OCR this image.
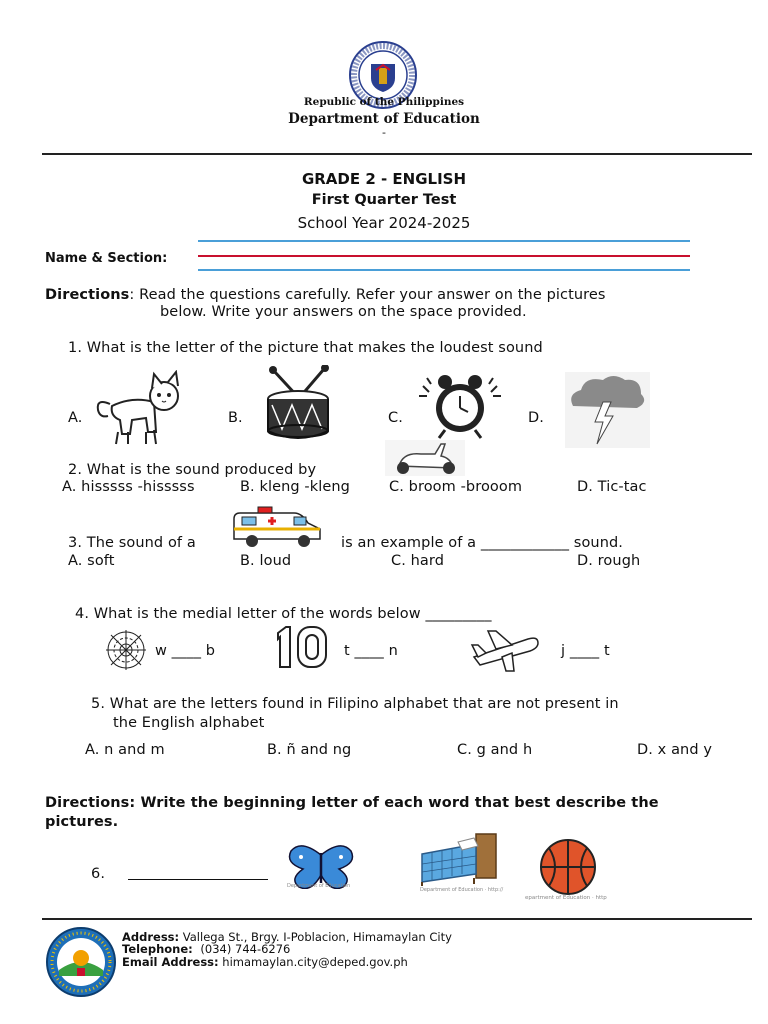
Republic of the Philippines
Department of Education
-
GRADE 2 - ENGLISH
First Quarter Test
School Year 2024-2025
Name & Section:
Directions: Read the questions carefully. Refer your answer on the pictures
below. Write your answers on the space provided.
1. What is the letter of the picture that makes the loudest sound
A.	B.	C.	D.
2. What is the sound produced by
A. hisssss -hisssss	B. kleng -kleng	C. broom -brooom	D. Tic-tac
3. The sound of a	is an example of a ____________ sound.
A. soft	B. loud	C. hard	D. rough
4. What is the medial letter of the words below _________
w ____ b	t ____ n	j ____ t
5. What are the letters found in Filipino alphabet that are not present in
the English alphabet
A. n and m	B. ñ and ng	C. g and h	D. x and y
Directions: Write the beginning letter of each word that best describe the
pictures.
6.
Department of Education
Department of Education · http://
epartment of Education · http
Address: Vallega St., Brgy. I-Poblacion, Himamaylan City
Telephone: (034) 744-6276
Email Address: himamaylan.city@deped.gov.ph
